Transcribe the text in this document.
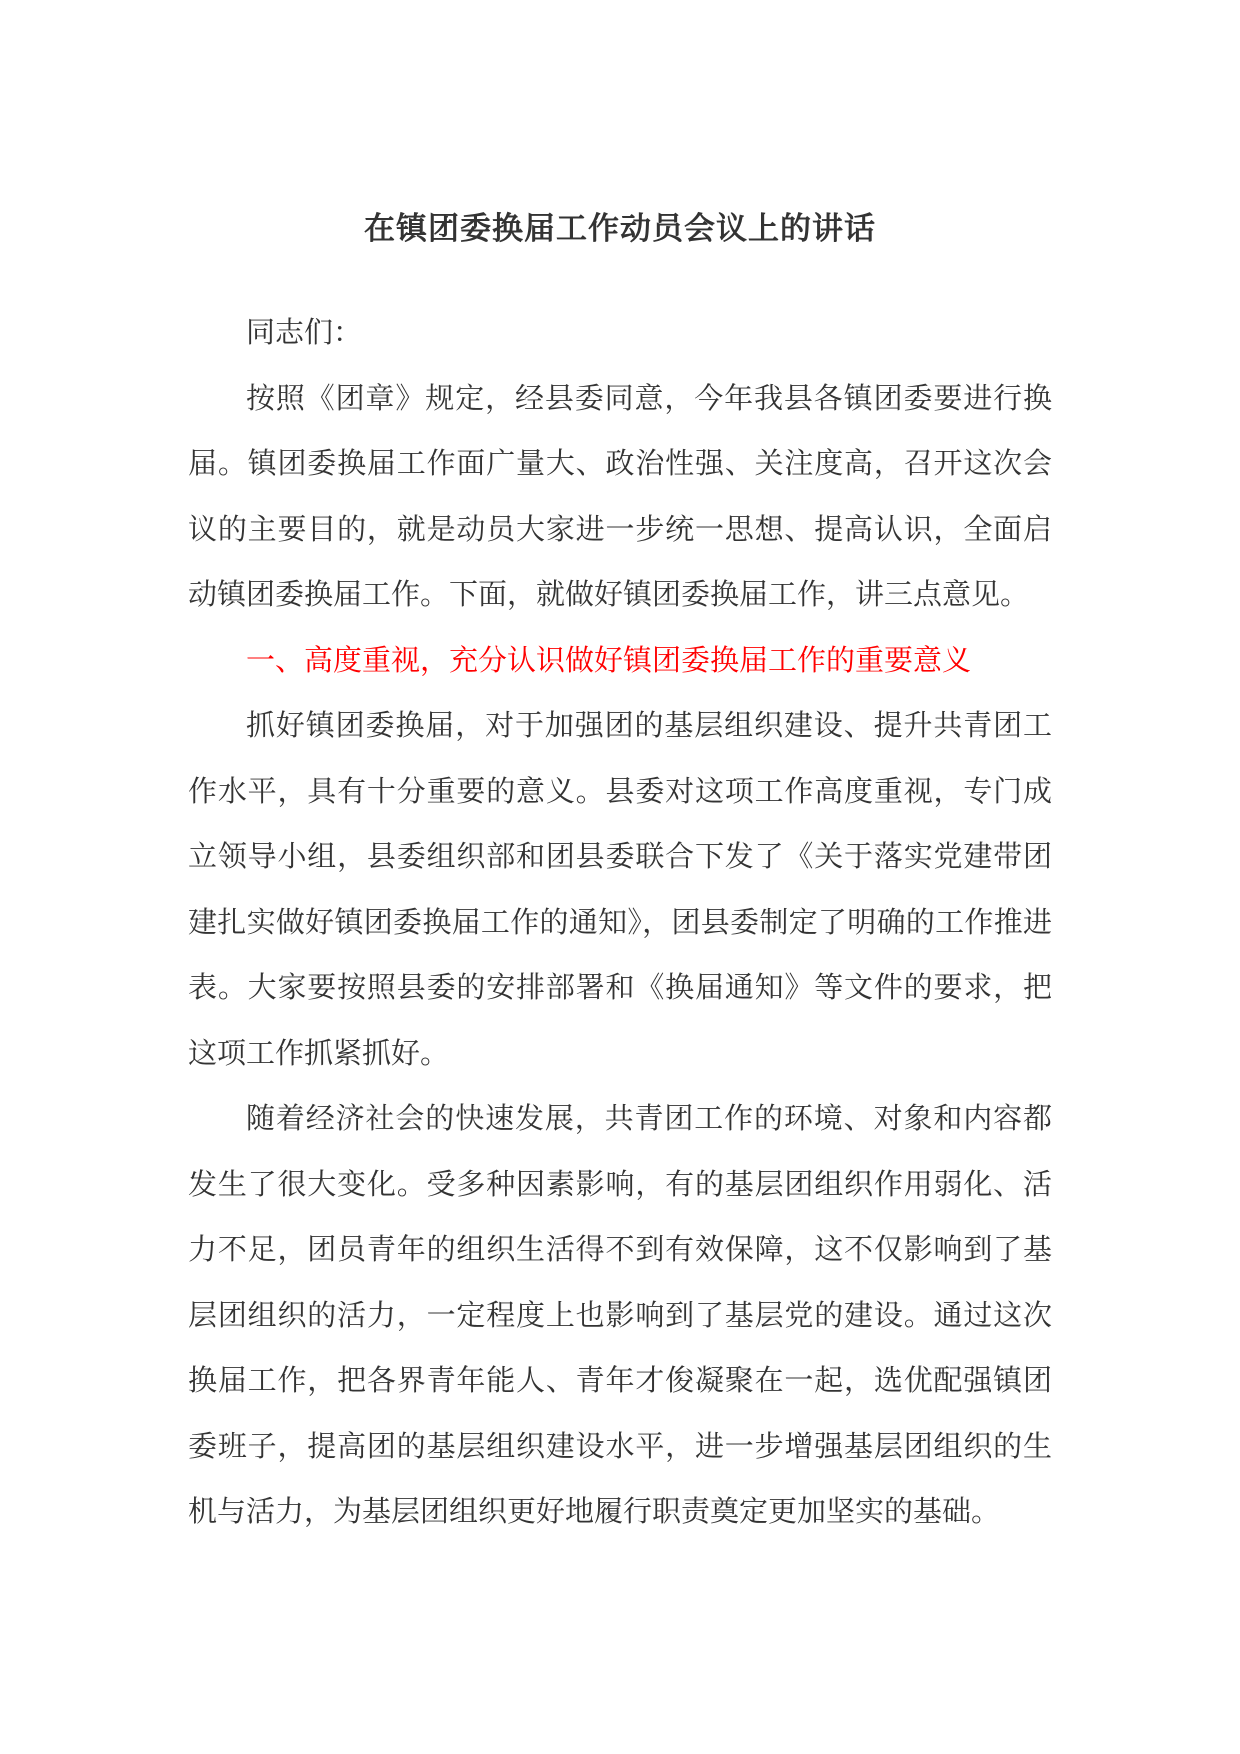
在镇团委换届工作动员会议上的讲话

同志们：

按照《团章》规定，经县委同意，今年我县各镇团委要进行换届。镇团委换届工作面广量大、政治性强、关注度高，召开这次会议的主要目的，就是动员大家进一步统一思想、提高认识，全面启动镇团委换届工作。下面，就做好镇团委换届工作，讲三点意见。

一、高度重视，充分认识做好镇团委换届工作的重要意义

抓好镇团委换届，对于加强团的基层组织建设、提升共青团工作水平，具有十分重要的意义。县委对这项工作高度重视，专门成立领导小组，县委组织部和团县委联合下发了《关于落实党建带团建扎实做好镇团委换届工作的通知》，团县委制定了明确的工作推进表。大家要按照县委的安排部署和《换届通知》等文件的要求，把这项工作抓紧抓好。

随着经济社会的快速发展，共青团工作的环境、对象和内容都发生了很大变化。受多种因素影响，有的基层团组织作用弱化、活力不足，团员青年的组织生活得不到有效保障，这不仅影响到了基层团组织的活力，一定程度上也影响到了基层党的建设。通过这次换届工作，把各界青年能人、青年才俊凝聚在一起，选优配强镇团委班子，提高团的基层组织建设水平，进一步增强基层团组织的生机与活力，为基层团组织更好地履行职责奠定更加坚实的基础。
